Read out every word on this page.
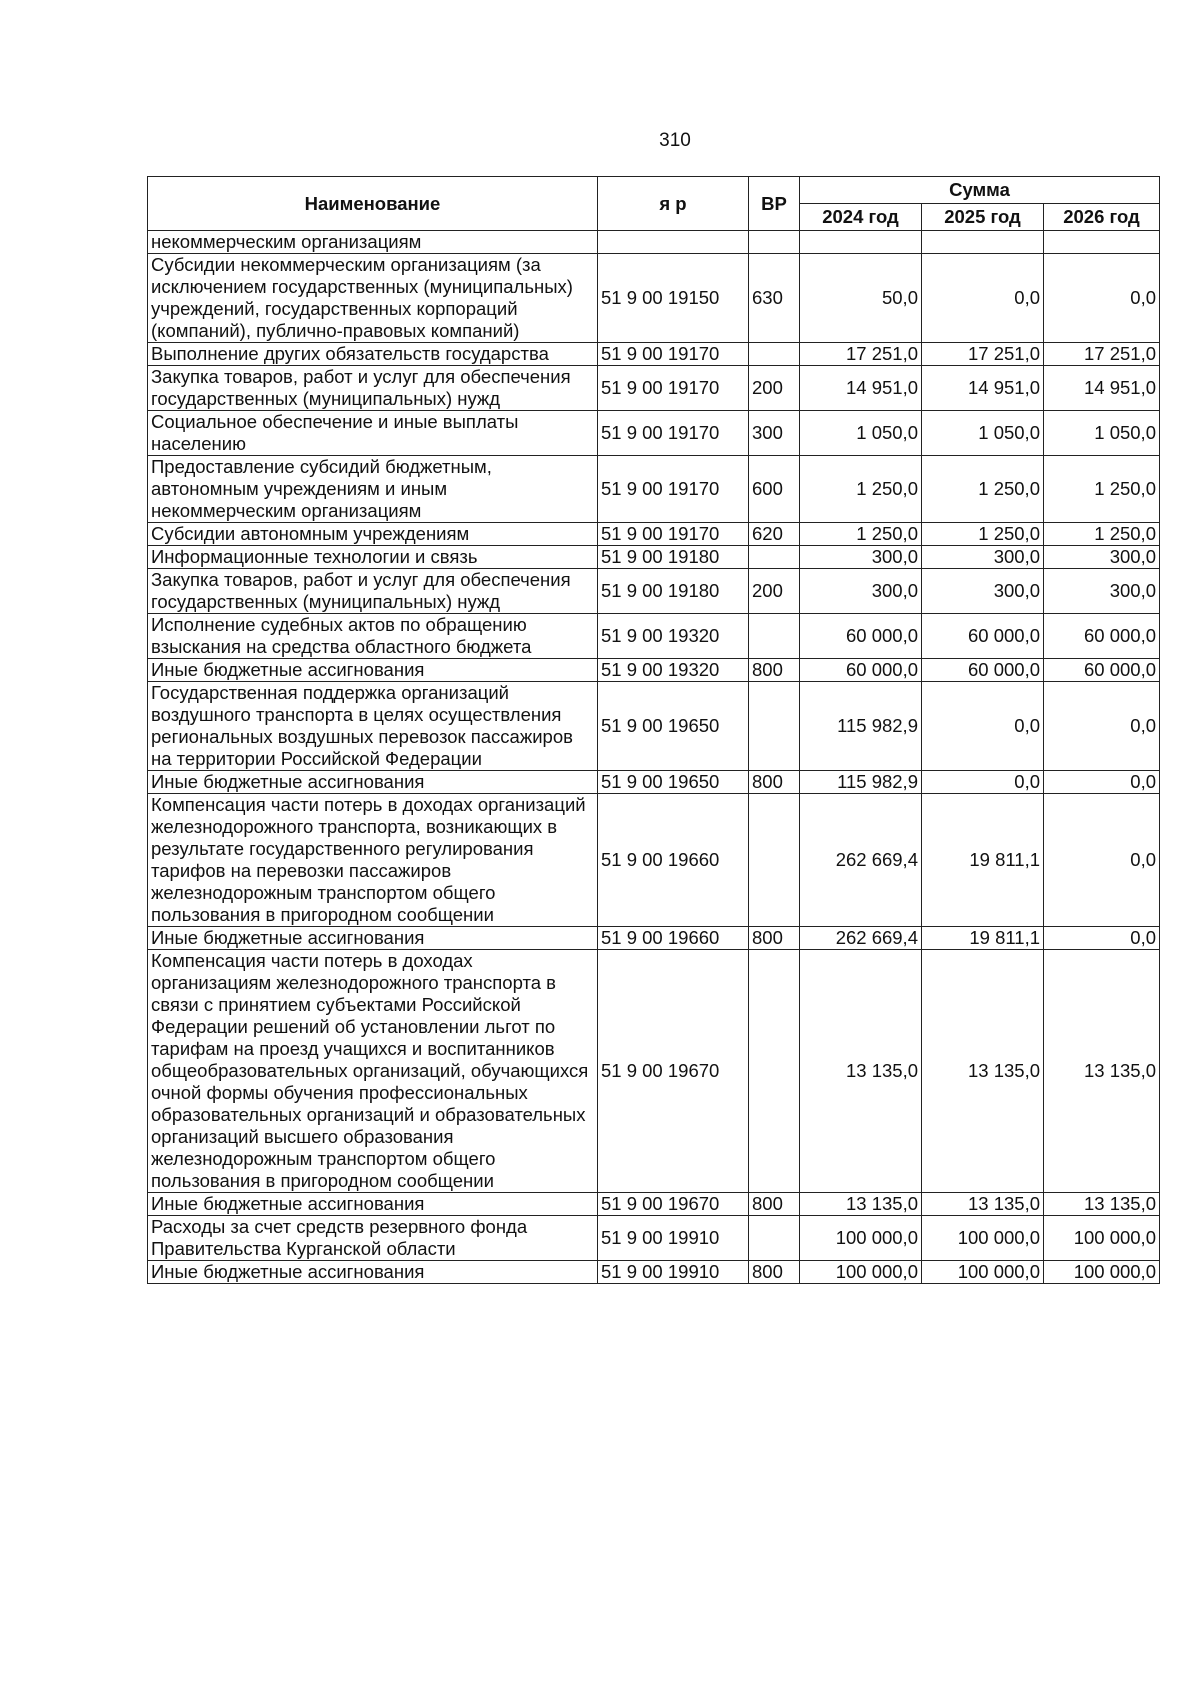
310
Наименование	я р	ВР	Сумма		
			2024 год	2025 год	2026 год
некоммерческим организациям					
Субсидии некоммерческим организациям (за исключением государственных (муниципальных) учреждений, государственных корпораций (компаний), публично-правовых компаний)	51 9 00 19150	630	50,0	0,0	0,0
Выполнение других обязательств государства	51 9 00 19170		17 251,0	17 251,0	17 251,0
Закупка товаров, работ и услуг для обеспечения государственных (муниципальных) нужд	51 9 00 19170	200	14 951,0	14 951,0	14 951,0
Социальное обеспечение и иные выплаты населению	51 9 00 19170	300	1 050,0	1 050,0	1 050,0
Предоставление субсидий бюджетным, автономным учреждениям и иным некоммерческим организациям	51 9 00 19170	600	1 250,0	1 250,0	1 250,0
Субсидии автономным учреждениям	51 9 00 19170	620	1 250,0	1 250,0	1 250,0
Информационные технологии и связь	51 9 00 19180		300,0	300,0	300,0
Закупка товаров, работ и услуг для обеспечения государственных (муниципальных) нужд	51 9 00 19180	200	300,0	300,0	300,0
Исполнение судебных актов по обращению взыскания на средства областного бюджета	51 9 00 19320		60 000,0	60 000,0	60 000,0
Иные бюджетные ассигнования	51 9 00 19320	800	60 000,0	60 000,0	60 000,0
Государственная поддержка организаций воздушного транспорта в целях осуществления региональных воздушных перевозок пассажиров на территории Российской Федерации	51 9 00 19650		115 982,9	0,0	0,0
Иные бюджетные ассигнования	51 9 00 19650	800	115 982,9	0,0	0,0
Компенсация части потерь в доходах организаций железнодорожного транспорта, возникающих в результате государственного регулирования тарифов на перевозки пассажиров железнодорожным транспортом общего пользования в пригородном сообщении	51 9 00 19660		262 669,4	19 811,1	0,0
Иные бюджетные ассигнования	51 9 00 19660	800	262 669,4	19 811,1	0,0
Компенсация части потерь в доходах организациям железнодорожного транспорта в связи с принятием субъектами Российской Федерации решений об установлении льгот по тарифам на проезд учащихся и воспитанников общеобразовательных организаций, обучающихся очной формы обучения профессиональных образовательных организаций и образовательных организаций высшего образования железнодорожным транспортом общего пользования в пригородном сообщении	51 9 00 19670		13 135,0	13 135,0	13 135,0
Иные бюджетные ассигнования	51 9 00 19670	800	13 135,0	13 135,0	13 135,0
Расходы за счет средств резервного фонда Правительства Курганской области	51 9 00 19910		100 000,0	100 000,0	100 000,0
Иные бюджетные ассигнования	51 9 00 19910	800	100 000,0	100 000,0	100 000,0
